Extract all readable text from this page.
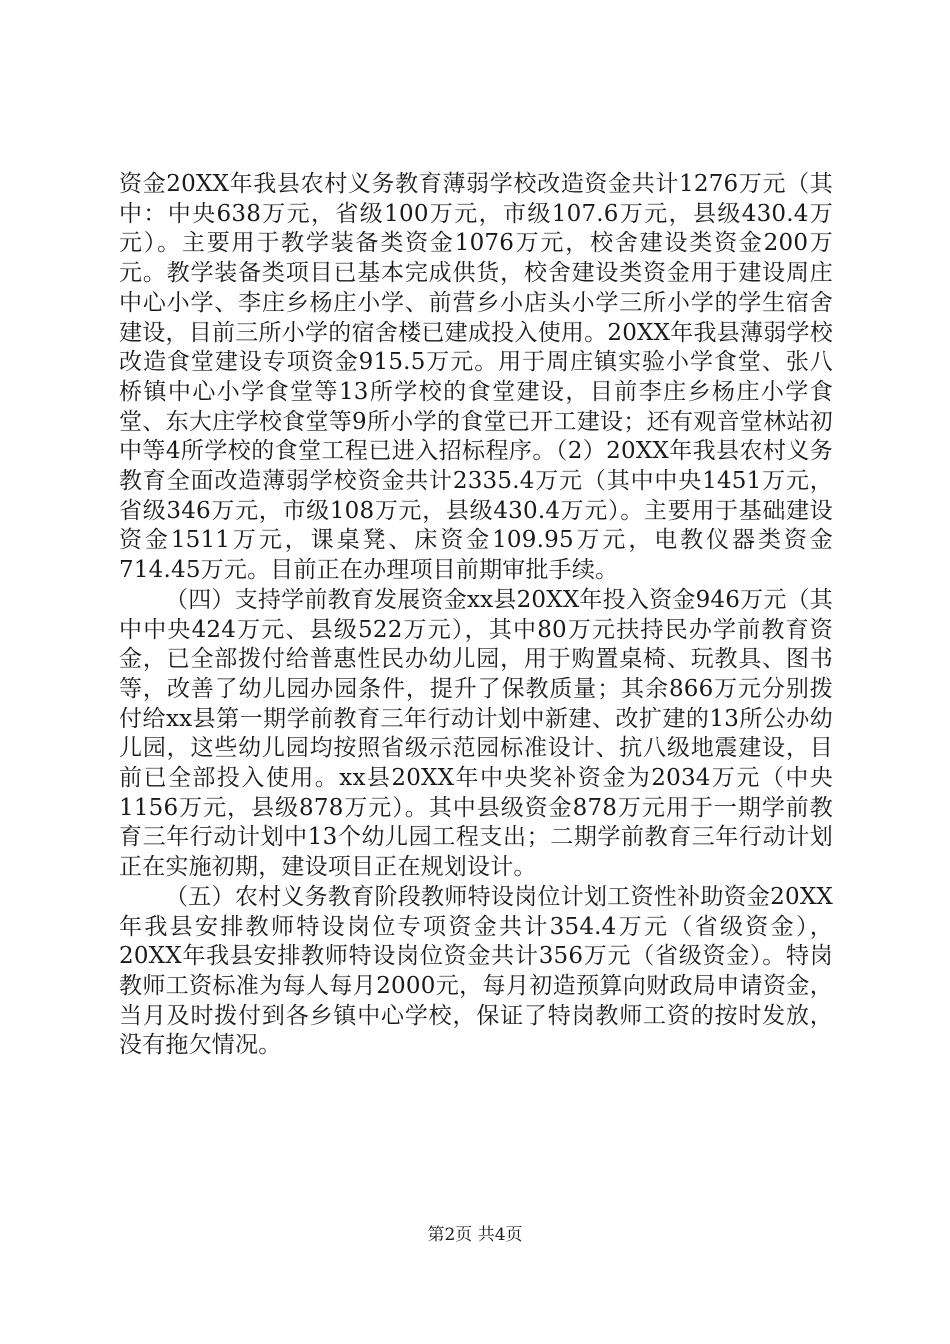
资金20XX年我县农村义务教育薄弱学校改造资金共计1276万元（其中：中央638万元，省级100万元，市级107.6万元，县级430.4万元）。主要用于教学装备类资金1076万元，校舍建设类资金200万元。教学装备类项目已基本完成供货，校舍建设类资金用于建设周庄中心小学、李庄乡杨庄小学、前营乡小店头小学三所小学的学生宿舍建设，目前三所小学的宿舍楼已建成投入使用。20XX年我县薄弱学校改造食堂建设专项资金915.5万元。用于周庄镇实验小学食堂、张八桥镇中心小学食堂等13所学校的食堂建设，目前李庄乡杨庄小学食堂、东大庄学校食堂等9所小学的食堂已开工建设；还有观音堂林站初中等4所学校的食堂工程已进入招标程序。（2）20XX年我县农村义务教育全面改造薄弱学校资金共计2335.4万元（其中中央1451万元，省级346万元，市级108万元，县级430.4万元）。主要用于基础建设资金1511万元，课桌凳、床资金109.95万元，电教仪器类资金714.45万元。目前正在办理项目前期审批手续。

（四）支持学前教育发展资金xx县20XX年投入资金946万元（其中中央424万元、县级522万元），其中80万元扶持民办学前教育资金，已全部拨付给普惠性民办幼儿园，用于购置桌椅、玩教具、图书等，改善了幼儿园办园条件，提升了保教质量；其余866万元分别拨付给xx县第一期学前教育三年行动计划中新建、改扩建的13所公办幼儿园，这些幼儿园均按照省级示范园标准设计、抗八级地震建设，目前已全部投入使用。xx县20XX年中央奖补资金为2034万元（中央1156万元，县级878万元）。其中县级资金878万元用于一期学前教育三年行动计划中13个幼儿园工程支出；二期学前教育三年行动计划正在实施初期，建设项目正在规划设计。

（五）农村义务教育阶段教师特设岗位计划工资性补助资金20XX年我县安排教师特设岗位专项资金共计354.4万元（省级资金），20XX年我县安排教师特设岗位资金共计356万元（省级资金）。特岗教师工资标准为每人每月2000元，每月初造预算向财政局申请资金，当月及时拨付到各乡镇中心学校，保证了特岗教师工资的按时发放，没有拖欠情况。

第2页 共4页
